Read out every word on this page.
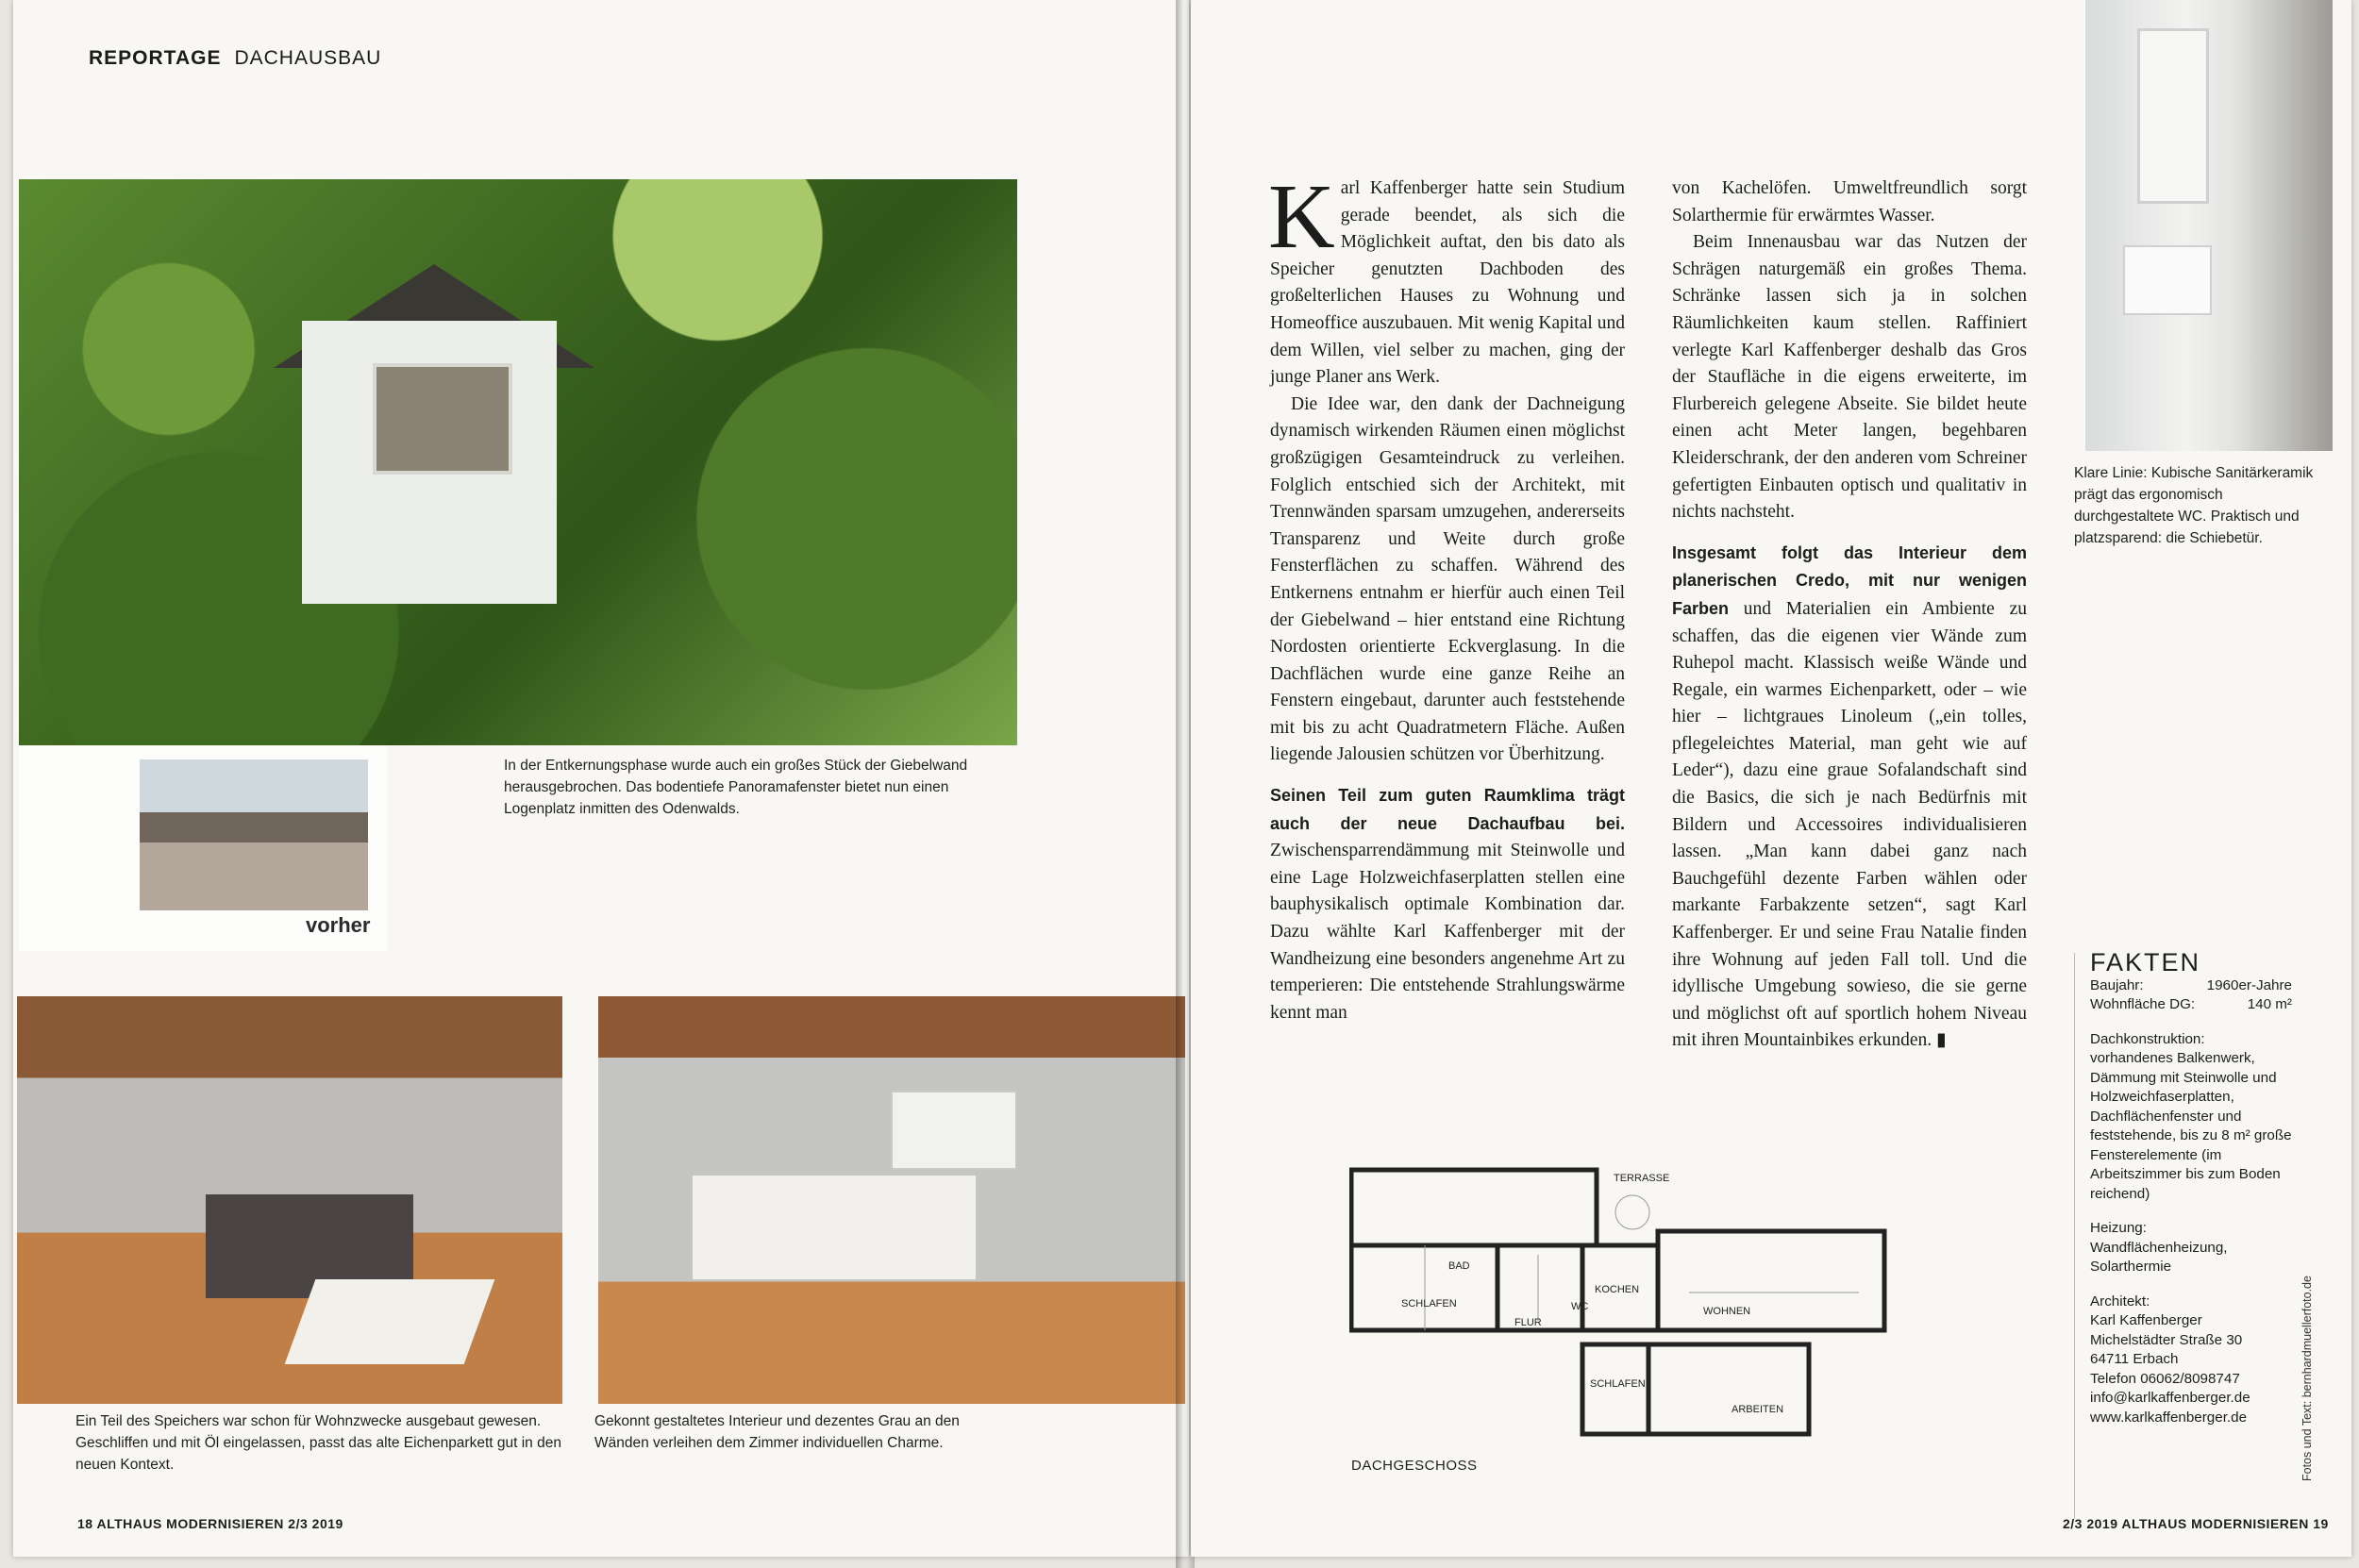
REPORTAGE DACHAUSBAU
vorher
In der Entkernungsphase wurde auch ein großes Stück der Giebelwand herausgebrochen. Das bodentiefe Panoramafenster bietet nun einen Logenplatz inmitten des Odenwalds.
Ein Teil des Speichers war schon für Wohnzwecke ausgebaut gewesen. Geschliffen und mit Öl eingelassen, passt das alte Eichenparkett gut in den neuen Kontext.
Gekonnt gestaltetes Interieur und dezentes Grau an den Wänden verleihen dem Zimmer individuellen Charme.
18 ALTHAUS MODERNISIEREN 2/3 2019
Klare Linie: Kubische Sanitärkeramik prägt das ergonomisch durchgestaltete WC. Praktisch und platzsparend: die Schiebetür.

Karl Kaffenberger hatte sein Studium gerade beendet, als sich die Möglichkeit auftat, den bis dato als Speicher genutzten Dachboden des großelterlichen Hauses zu Wohnung und Homeoffice auszubauen. Mit wenig Kapital und dem Willen, viel selber zu machen, ging der junge Planer ans Werk.

Die Idee war, den dank der Dachneigung dynamisch wirkenden Räumen einen möglichst großzügigen Gesamteindruck zu verleihen. Folglich entschied sich der Architekt, mit Trennwänden sparsam umzugehen, andererseits Transparenz und Weite durch große Fensterflächen zu schaffen. Während des Entkernens entnahm er hierfür auch einen Teil der Giebelwand – hier entstand eine Richtung Nordosten orientierte Eckverglasung. In die Dachflächen wurde eine ganze Reihe an Fenstern eingebaut, darunter auch feststehende mit bis zu acht Quadratmetern Fläche. Außen liegende Jalousien schützen vor Überhitzung.

Seinen Teil zum guten Raumklima trägt auch der neue Dachaufbau bei. Zwischensparrendämmung mit Steinwolle und eine Lage Holzweichfaserplatten stellen eine bauphysikalisch optimale Kombination dar. Dazu wählte Karl Kaffenberger mit der Wandheizung eine besonders angenehme Art zu temperieren: Die entstehende Strahlungswärme kennt man

von Kachelöfen. Umweltfreundlich sorgt Solarthermie für erwärmtes Wasser.

Beim Innenausbau war das Nutzen der Schrägen naturgemäß ein großes Thema. Schränke lassen sich ja in solchen Räumlichkeiten kaum stellen. Raffiniert verlegte Karl Kaffenberger deshalb das Gros der Staufläche in die eigens erweiterte, im Flurbereich gelegene Abseite. Sie bildet heute einen acht Meter langen, begehbaren Kleiderschrank, der den anderen vom Schreiner gefertigten Einbauten optisch und qualitativ in nichts nachsteht.

Insgesamt folgt das Interieur dem planerischen Credo, mit nur wenigen Farben und Materialien ein Ambiente zu schaffen, das die eigenen vier Wände zum Ruhepol macht. Klassisch weiße Wände und Regale, ein warmes Eichenparkett, oder – wie hier – lichtgraues Linoleum („ein tolles, pflegeleichtes Material, man geht wie auf Leder“), dazu eine graue Sofalandschaft sind die Basics, die sich je nach Bedürfnis mit Bildern und Accessoires individualisieren lassen. „Man kann dabei ganz nach Bauchgefühl dezente Farben wählen oder markante Farbakzente setzen“, sagt Karl Kaffenberger. Er und seine Frau Natalie finden ihre Wohnung auf jeden Fall toll. Und die idyllische Umgebung sowieso, die sie gerne und möglichst oft auf sportlich hohem Niveau mit ihren Mountainbikes erkunden. ▮

FAKTEN
Baujahr:	1960er-Jahre
Wohnfläche DG:	140 m²
Dachkonstruktion:
vorhandenes Balkenwerk, Dämmung mit Steinwolle und Holzweichfaserplatten, Dachflächenfenster und feststehende, bis zu 8 m² große Fensterelemente (im Arbeitszimmer bis zum Boden reichend)
Heizung:
Wandflächenheizung, Solarthermie
Architekt:
Karl Kaffenberger
Michelstädter Straße 30
64711 Erbach
Telefon 06062/8098747
info@karlkaffenberger.de
www.karlkaffenberger.de	Fotos und Text: bernhardmuellerfoto.de
TERRASSE
BAD
SCHLAFEN
FLUR
WC
KOCHEN
WOHNEN
SCHLAFEN
ARBEITEN
DACHGESCHOSS
2/3 2019 ALTHAUS MODERNISIEREN 19
